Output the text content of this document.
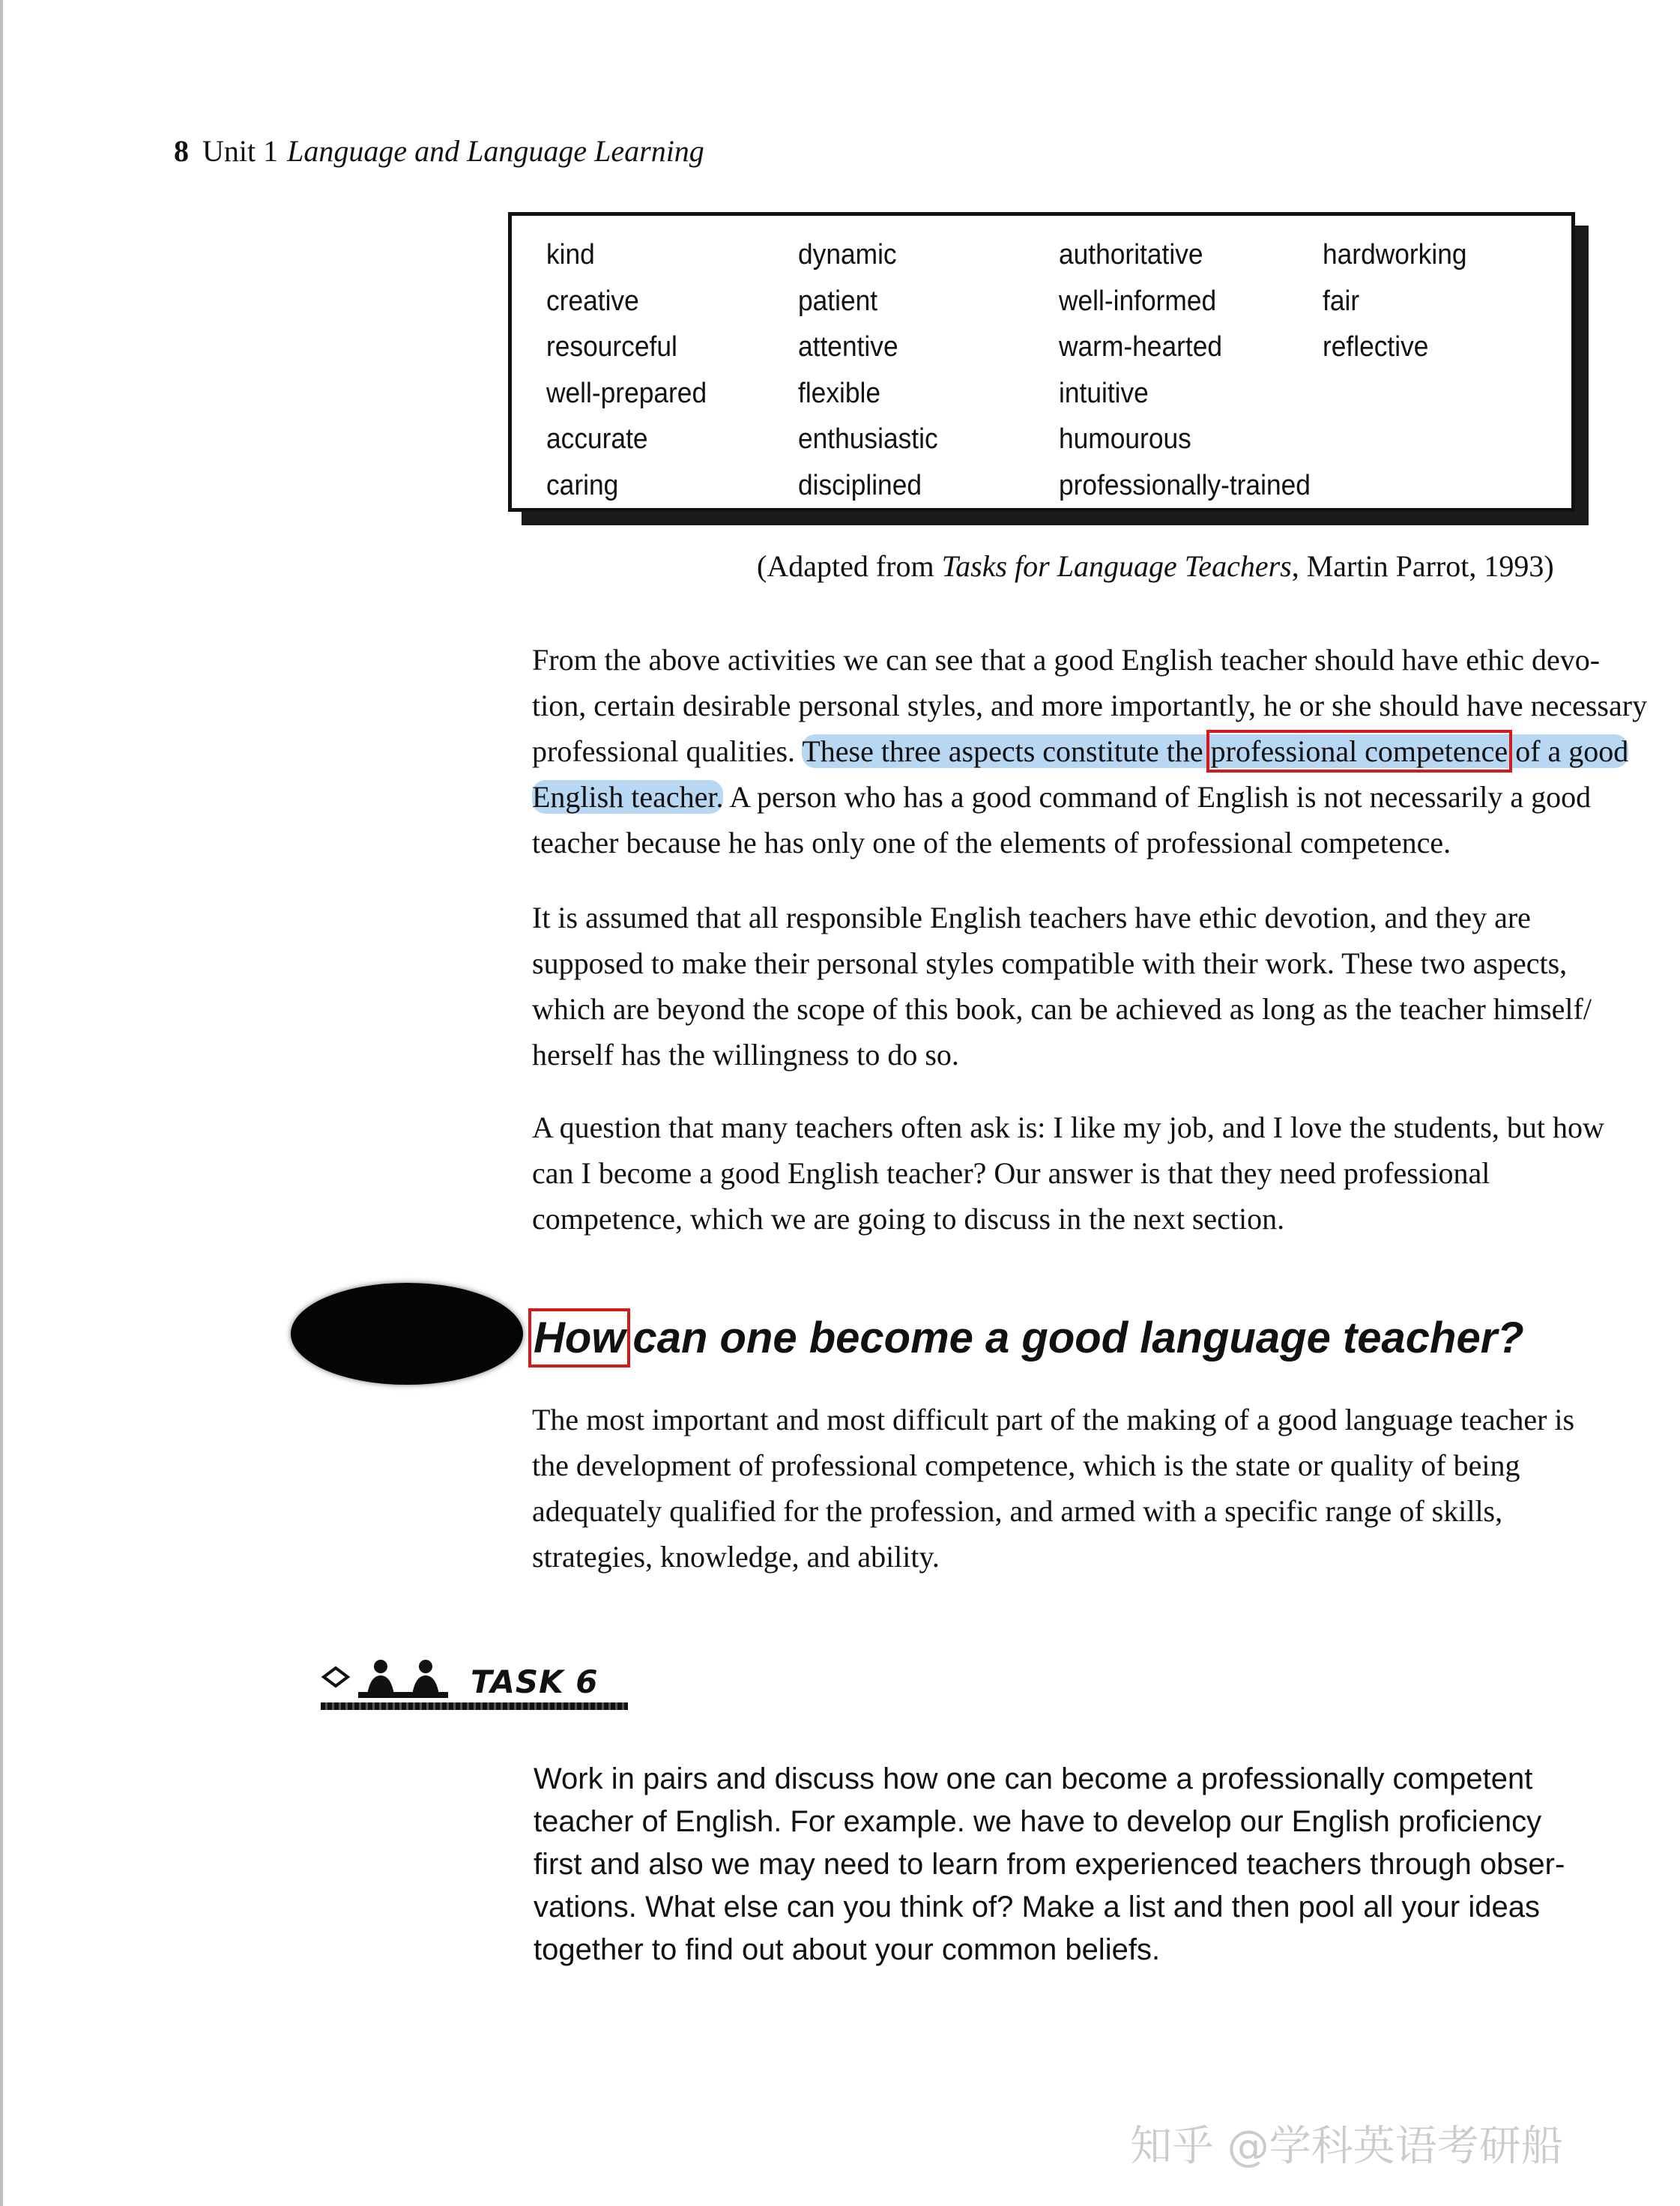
8 Unit 1 Language and Language Learning
kind
creative
resourceful
well-prepared
accurate
caring
dynamic
patient
attentive
flexible
enthusiastic
disciplined
authoritative
well-informed
warm-hearted
intuitive
humourous
professionally-trained
hardworking
fair
reflective
(Adapted from Tasks for Language Teachers, Martin Parrot, 1993)
From the above activities we can see that a good English teacher should have ethic devo-
tion, certain desirable personal styles, and more importantly, he or she should have necessary
professional qualities. These three aspects constitute the professional competence of a good
English teacher. A person who has a good command of English is not necessarily a good
teacher because he has only one of the elements of professional competence.
It is assumed that all responsible English teachers have ethic devotion, and they are
supposed to make their personal styles compatible with their work. These two aspects,
which are beyond the scope of this book, can be achieved as long as the teacher himself/
herself has the willingness to do so.
A question that many teachers often ask is: I like my job, and I love the students, but how
can I become a good English teacher? Our answer is that they need professional
competence, which we are going to discuss in the next section.
How can one become a good language teacher?
The most important and most difficult part of the making of a good language teacher is
the development of professional competence, which is the state or quality of being
adequately qualified for the profession, and armed with a specific range of skills,
strategies, knowledge, and ability.
TASK 6
Work in pairs and discuss how one can become a professionally competent
teacher of English. For example. we have to develop our English proficiency
first and also we may need to learn from experienced teachers through obser-
vations. What else can you think of? Make a list and then pool all your ideas
together to find out about your common beliefs.
知乎 @学科英语考研船
